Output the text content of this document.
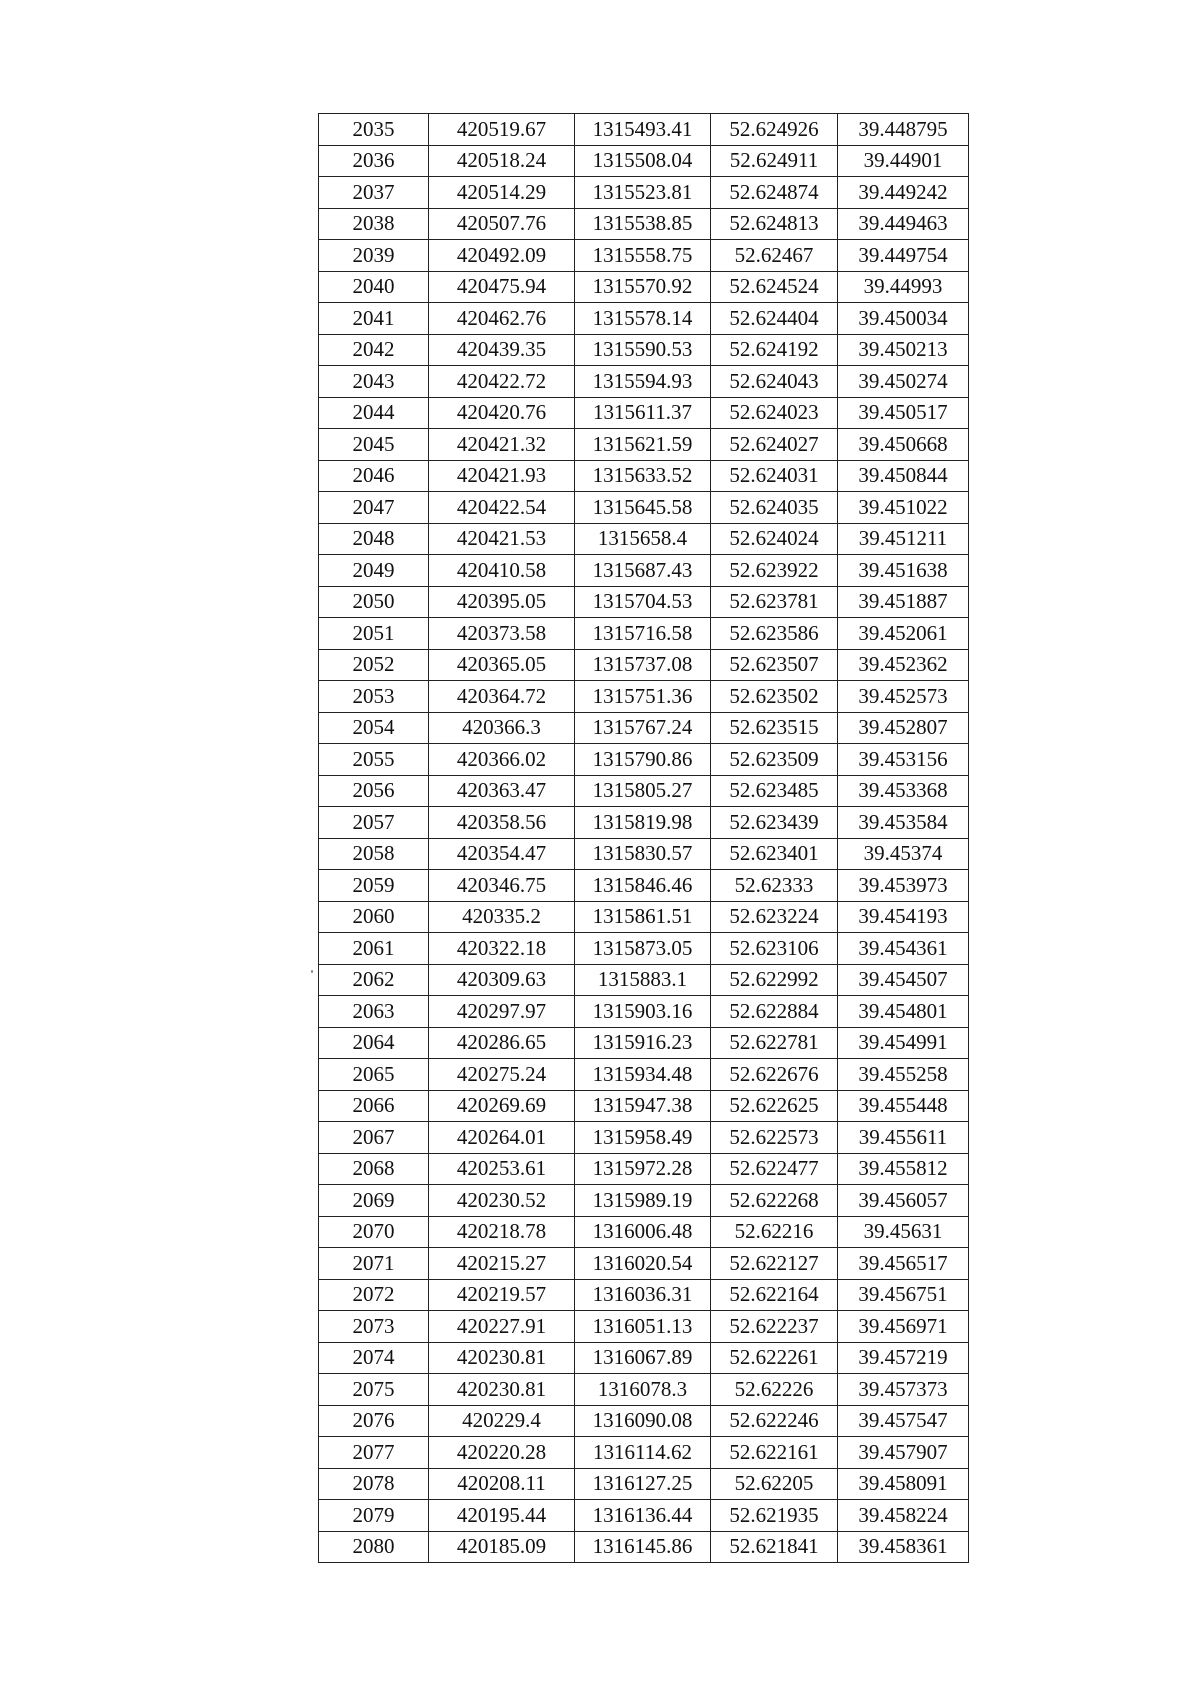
2035	420519.67	1315493.41	52.624926	39.448795
2036	420518.24	1315508.04	52.624911	39.44901
2037	420514.29	1315523.81	52.624874	39.449242
2038	420507.76	1315538.85	52.624813	39.449463
2039	420492.09	1315558.75	52.62467	39.449754
2040	420475.94	1315570.92	52.624524	39.44993
2041	420462.76	1315578.14	52.624404	39.450034
2042	420439.35	1315590.53	52.624192	39.450213
2043	420422.72	1315594.93	52.624043	39.450274
2044	420420.76	1315611.37	52.624023	39.450517
2045	420421.32	1315621.59	52.624027	39.450668
2046	420421.93	1315633.52	52.624031	39.450844
2047	420422.54	1315645.58	52.624035	39.451022
2048	420421.53	1315658.4	52.624024	39.451211
2049	420410.58	1315687.43	52.623922	39.451638
2050	420395.05	1315704.53	52.623781	39.451887
2051	420373.58	1315716.58	52.623586	39.452061
2052	420365.05	1315737.08	52.623507	39.452362
2053	420364.72	1315751.36	52.623502	39.452573
2054	420366.3	1315767.24	52.623515	39.452807
2055	420366.02	1315790.86	52.623509	39.453156
2056	420363.47	1315805.27	52.623485	39.453368
2057	420358.56	1315819.98	52.623439	39.453584
2058	420354.47	1315830.57	52.623401	39.45374
2059	420346.75	1315846.46	52.62333	39.453973
2060	420335.2	1315861.51	52.623224	39.454193
2061	420322.18	1315873.05	52.623106	39.454361
2062	420309.63	1315883.1	52.622992	39.454507
2063	420297.97	1315903.16	52.622884	39.454801
2064	420286.65	1315916.23	52.622781	39.454991
2065	420275.24	1315934.48	52.622676	39.455258
2066	420269.69	1315947.38	52.622625	39.455448
2067	420264.01	1315958.49	52.622573	39.455611
2068	420253.61	1315972.28	52.622477	39.455812
2069	420230.52	1315989.19	52.622268	39.456057
2070	420218.78	1316006.48	52.62216	39.45631
2071	420215.27	1316020.54	52.622127	39.456517
2072	420219.57	1316036.31	52.622164	39.456751
2073	420227.91	1316051.13	52.622237	39.456971
2074	420230.81	1316067.89	52.622261	39.457219
2075	420230.81	1316078.3	52.62226	39.457373
2076	420229.4	1316090.08	52.622246	39.457547
2077	420220.28	1316114.62	52.622161	39.457907
2078	420208.11	1316127.25	52.62205	39.458091
2079	420195.44	1316136.44	52.621935	39.458224
2080	420185.09	1316145.86	52.621841	39.458361
